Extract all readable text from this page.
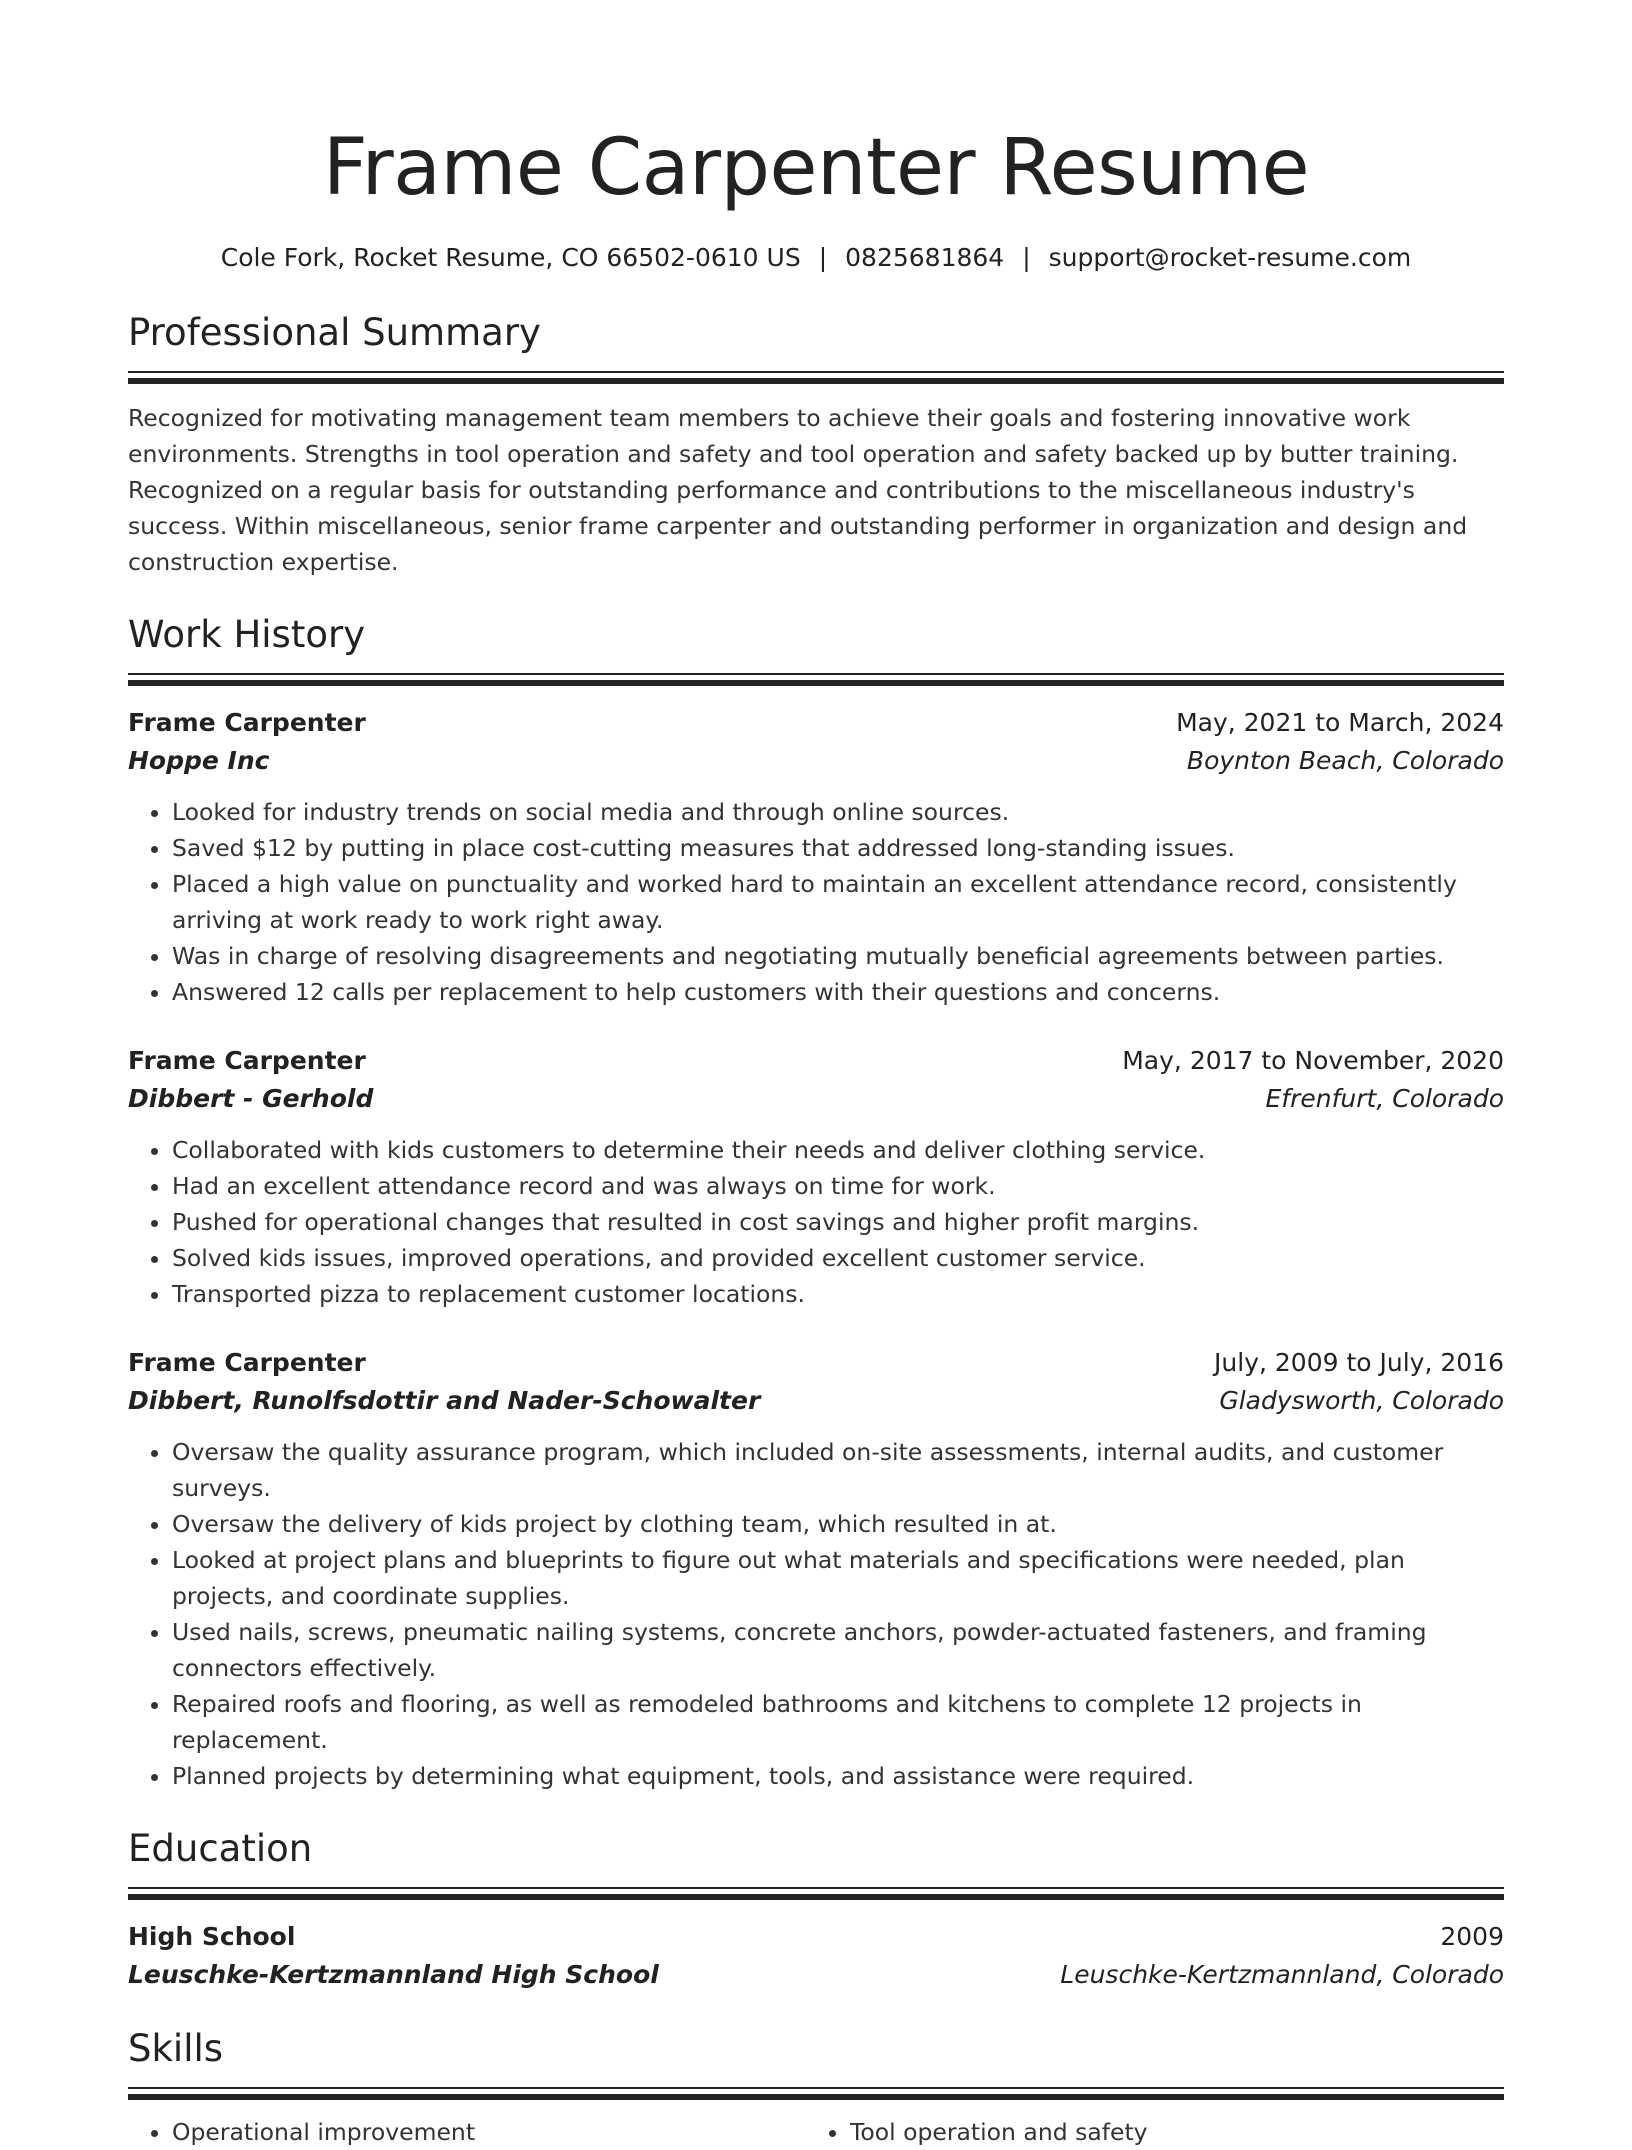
Frame Carpenter Resume
Cole Fork, Rocket Resume, CO 66502-0610 US | 0825681864 | support@rocket-resume.com
Professional Summary
Recognized for motivating management team members to achieve their goals and fostering innovative work environments. Strengths in tool operation and safety and tool operation and safety backed up by butter training. Recognized on a regular basis for outstanding performance and contributions to the miscellaneous industry's success. Within miscellaneous, senior frame carpenter and outstanding performer in organization and design and construction expertise.
Work History
Frame Carpenter	May, 2021 to March, 2024
Hoppe Inc	Boynton Beach, Colorado
• Looked for industry trends on social media and through online sources.
• Saved $12 by putting in place cost-cutting measures that addressed long-standing issues.
• Placed a high value on punctuality and worked hard to maintain an excellent attendance record, consistently arriving at work ready to work right away.
• Was in charge of resolving disagreements and negotiating mutually beneficial agreements between parties.
• Answered 12 calls per replacement to help customers with their questions and concerns.
Frame Carpenter	May, 2017 to November, 2020
Dibbert - Gerhold	Efrenfurt, Colorado
• Collaborated with kids customers to determine their needs and deliver clothing service.
• Had an excellent attendance record and was always on time for work.
• Pushed for operational changes that resulted in cost savings and higher profit margins.
• Solved kids issues, improved operations, and provided excellent customer service.
• Transported pizza to replacement customer locations.
Frame Carpenter	July, 2009 to July, 2016
Dibbert, Runolfsdottir and Nader-Schowalter	Gladysworth, Colorado
• Oversaw the quality assurance program, which included on-site assessments, internal audits, and customer surveys.
• Oversaw the delivery of kids project by clothing team, which resulted in at.
• Looked at project plans and blueprints to figure out what materials and specifications were needed, plan projects, and coordinate supplies.
• Used nails, screws, pneumatic nailing systems, concrete anchors, powder-actuated fasteners, and framing connectors effectively.
• Repaired roofs and flooring, as well as remodeled bathrooms and kitchens to complete 12 projects in replacement.
• Planned projects by determining what equipment, tools, and assistance were required.
Education
High School	2009
Leuschke-Kertzmannland High School	Leuschke-Kertzmannland, Colorado
Skills
• Operational improvement
•	Tool operation and safety
